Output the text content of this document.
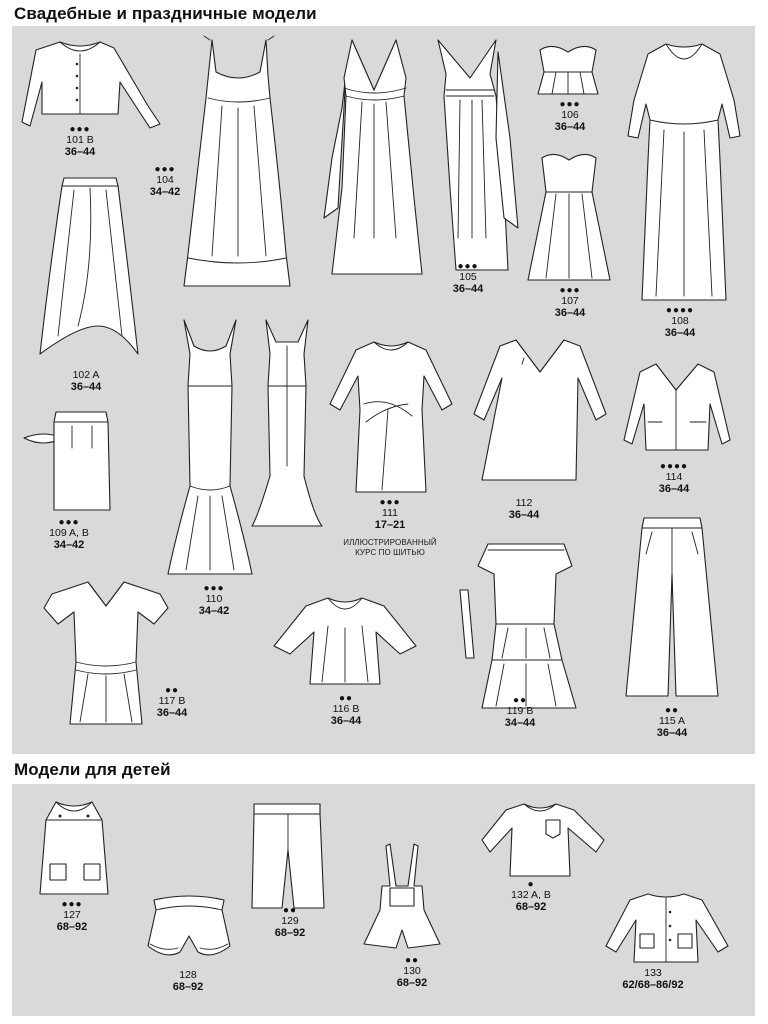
Свадебные и праздничные модели
Модели для детей
●●●
101 B
36–44
●●●
104
34–42
●●●
105
36–44
●●●
106
36–44
●●●
107
36–44	●●●●
108
36–44
102 A
36–44
●●●
109 A, B
34–42
●●●
110
34–42
●●●
111
17–21
ИЛЛЮСТРИРОВАННЫЙ
КУРС ПО ШИТЬЮ
112
36–44
●●●●
114
36–44
●●
117 B
36–44
●●
116 B
36–44
●●
119 B
34–44
●●
115 A
36–44
●●●
127
68–92
128
68–92
●●
129
68–92
●●
130
68–92
●
132 A, B
68–92
133
62/68–86/92
